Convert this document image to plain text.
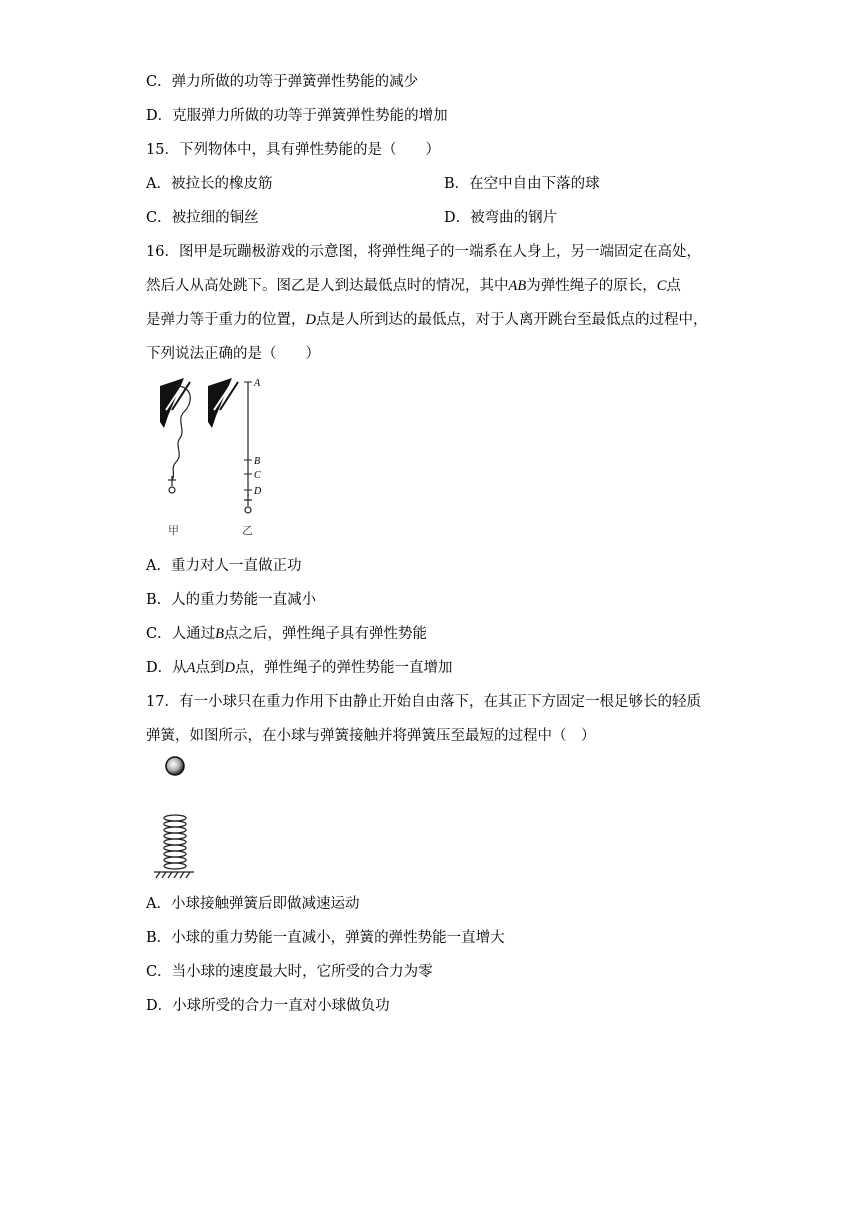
C．弹力所做的功等于弹簧弹性势能的减少
D．克服弹力所做的功等于弹簧弹性势能的增加
15．下列物体中，具有弹性势能的是（　　）
A．被拉长的橡皮筋	B．在空中自由下落的球
C．被拉细的铜丝	D．被弯曲的钢片
16．图甲是玩蹦极游戏的示意图，将弹性绳子的一端系在人身上，另一端固定在高处，
然后人从高处跳下。图乙是人到达最低点时的情况，其中AB为弹性绳子的原长，C点
是弹力等于重力的位置，D点是人所到达的最低点，对于人离开跳台至最低点的过程中，
下列说法正确的是（　　）
A
B
C
D
甲	乙
A．重力对人一直做正功
B．人的重力势能一直减小
C．人通过B点之后，弹性绳子具有弹性势能
D．从A点到D点，弹性绳子的弹性势能一直增加
17．有一小球只在重力作用下由静止开始自由落下，在其正下方固定一根足够长的轻质
弹簧，如图所示，在小球与弹簧接触并将弹簧压至最短的过程中（　）
A．小球接触弹簧后即做减速运动
B．小球的重力势能一直减小，弹簧的弹性势能一直增大
C．当小球的速度最大时，它所受的合力为零
D．小球所受的合力一直对小球做负功
